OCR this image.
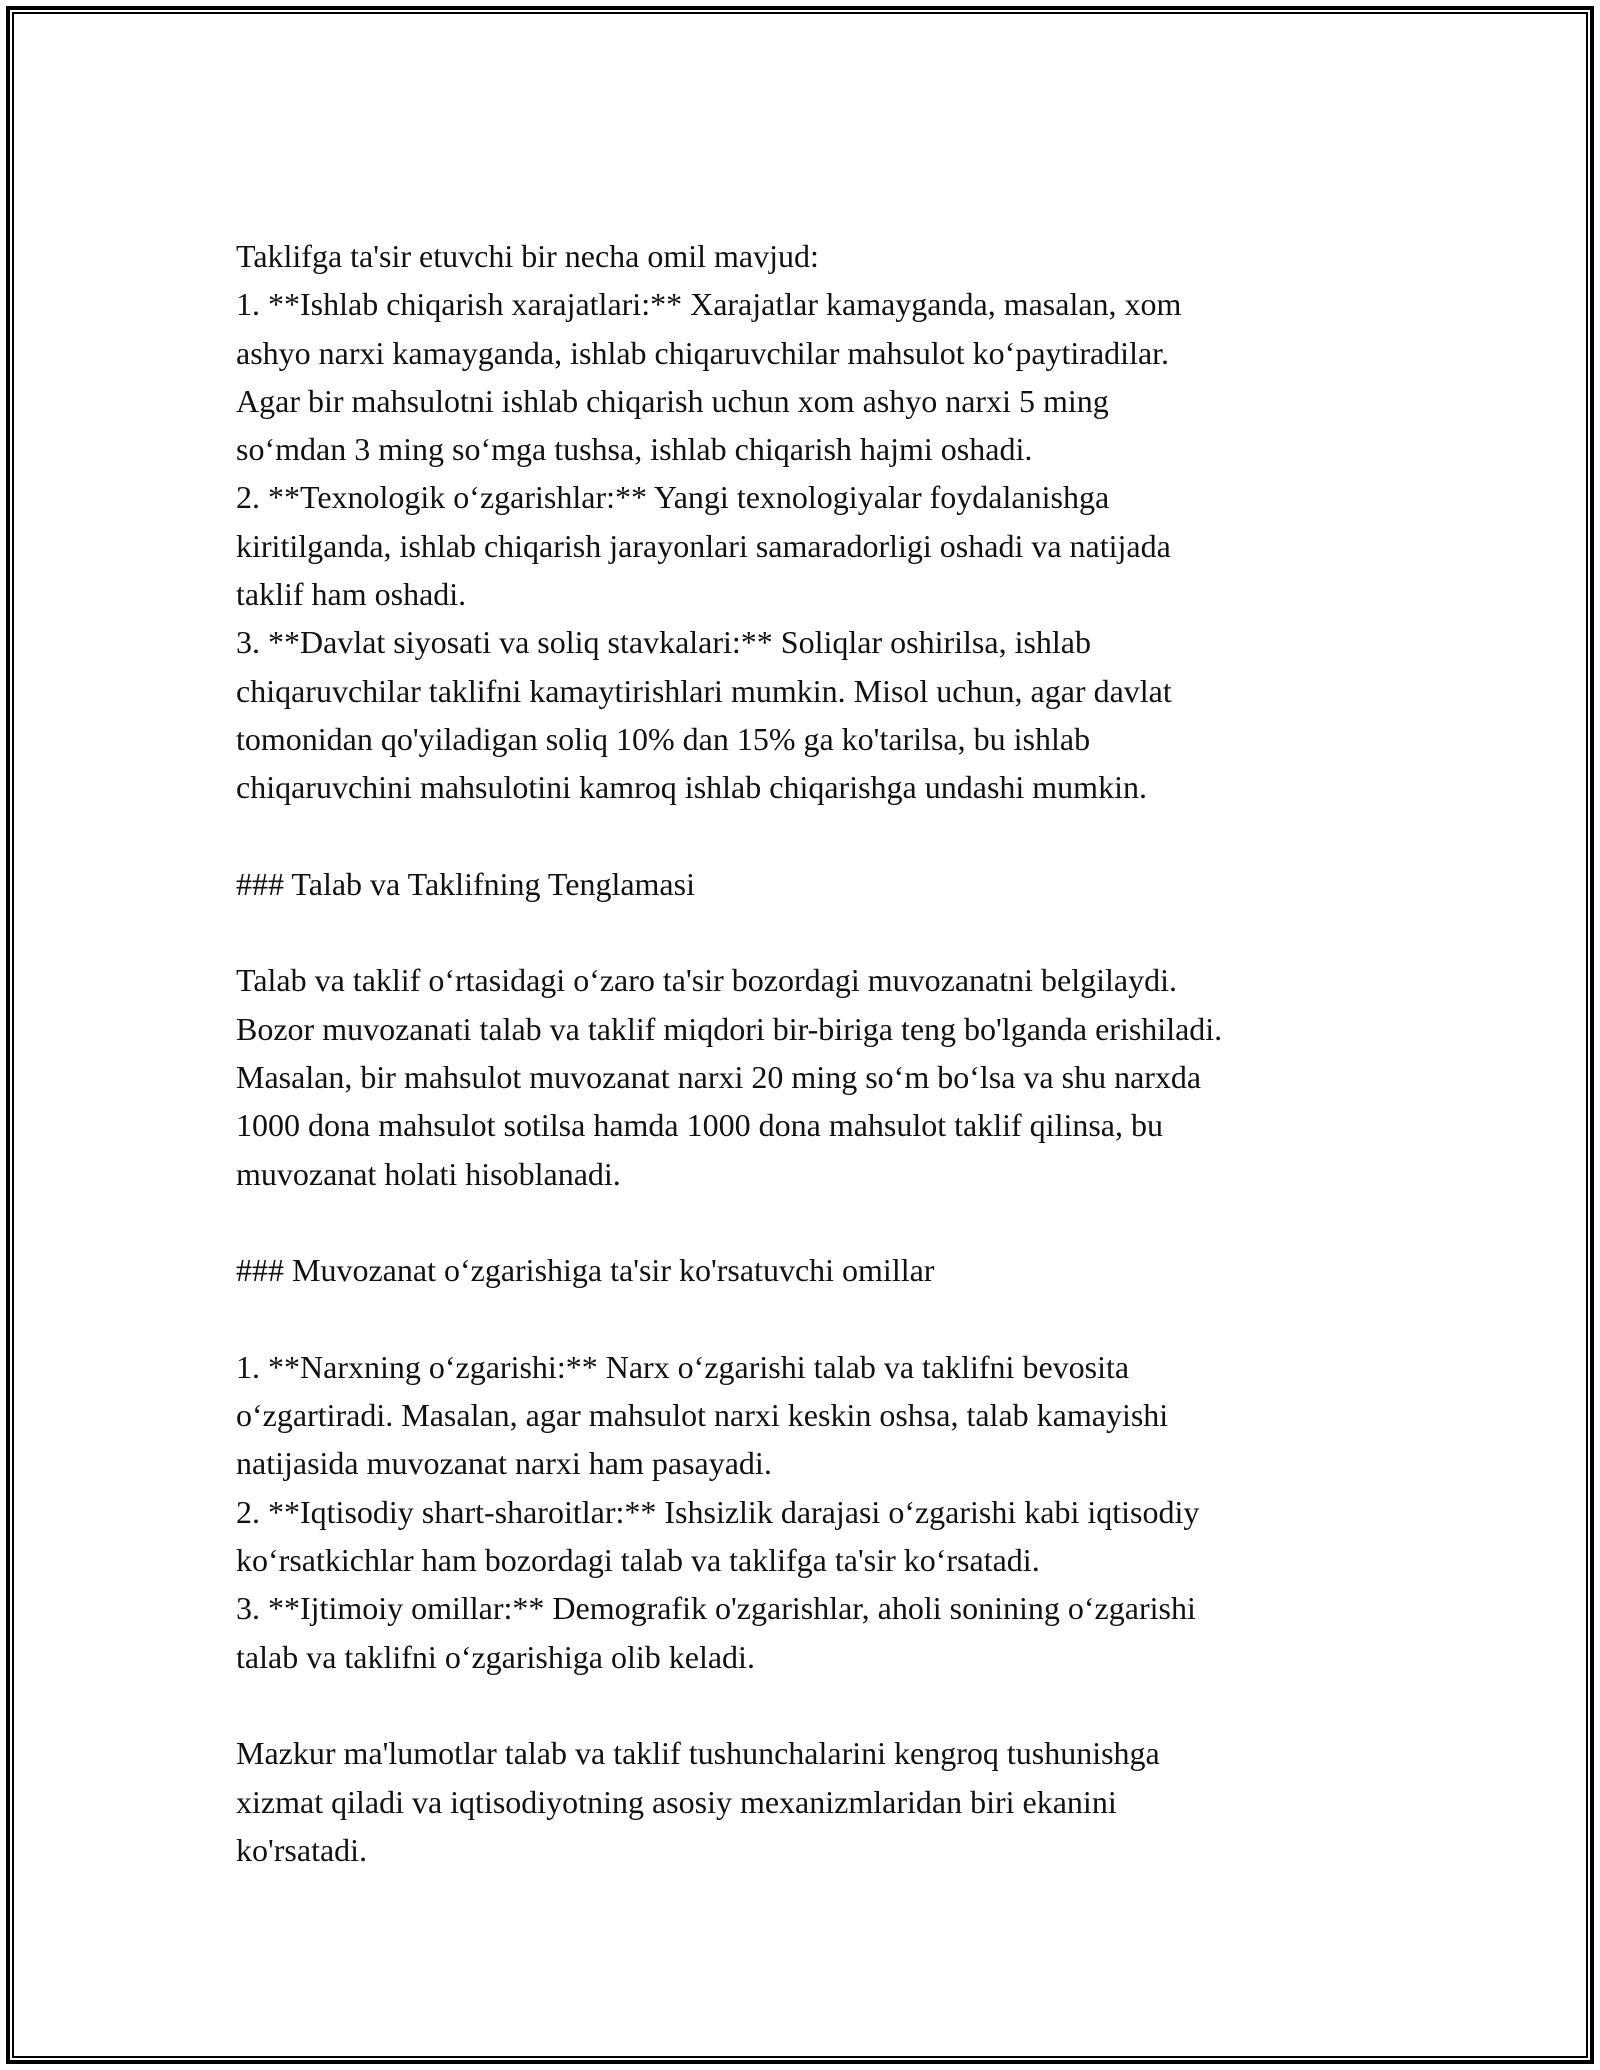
Taklifga ta'sir etuvchi bir necha omil mavjud:
1. **Ishlab chiqarish xarajatlari:** Xarajatlar kamayganda, masalan, xom
ashyo narxi kamayganda, ishlab chiqaruvchilar mahsulot ko‘paytiradilar.
Agar bir mahsulotni ishlab chiqarish uchun xom ashyo narxi 5 ming
so‘mdan 3 ming so‘mga tushsa, ishlab chiqarish hajmi oshadi.
2. **Texnologik o‘zgarishlar:** Yangi texnologiyalar foydalanishga
kiritilganda, ishlab chiqarish jarayonlari samaradorligi oshadi va natijada
taklif ham oshadi.
3. **Davlat siyosati va soliq stavkalari:** Soliqlar oshirilsa, ishlab
chiqaruvchilar taklifni kamaytirishlari mumkin. Misol uchun, agar davlat
tomonidan qo'yiladigan soliq 10% dan 15% ga ko'tarilsa, bu ishlab
chiqaruvchini mahsulotini kamroq ishlab chiqarishga undashi mumkin.
### Talab va Taklifning Tenglamasi
Talab va taklif o‘rtasidagi o‘zaro ta'sir bozordagi muvozanatni belgilaydi.
Bozor muvozanati talab va taklif miqdori bir-biriga teng bo'lganda erishiladi.
Masalan, bir mahsulot muvozanat narxi 20 ming so‘m bo‘lsa va shu narxda
1000 dona mahsulot sotilsa hamda 1000 dona mahsulot taklif qilinsa, bu
muvozanat holati hisoblanadi.
### Muvozanat o‘zgarishiga ta'sir ko'rsatuvchi omillar
1. **Narxning o‘zgarishi:** Narx o‘zgarishi talab va taklifni bevosita
o‘zgartiradi. Masalan, agar mahsulot narxi keskin oshsa, talab kamayishi
natijasida muvozanat narxi ham pasayadi.
2. **Iqtisodiy shart-sharoitlar:** Ishsizlik darajasi o‘zgarishi kabi iqtisodiy
ko‘rsatkichlar ham bozordagi talab va taklifga ta'sir ko‘rsatadi.
3. **Ijtimoiy omillar:** Demografik o'zgarishlar, aholi sonining o‘zgarishi
talab va taklifni o‘zgarishiga olib keladi.
Mazkur ma'lumotlar talab va taklif tushunchalarini kengroq tushunishga
xizmat qiladi va iqtisodiyotning asosiy mexanizmlaridan biri ekanini
ko'rsatadi.
